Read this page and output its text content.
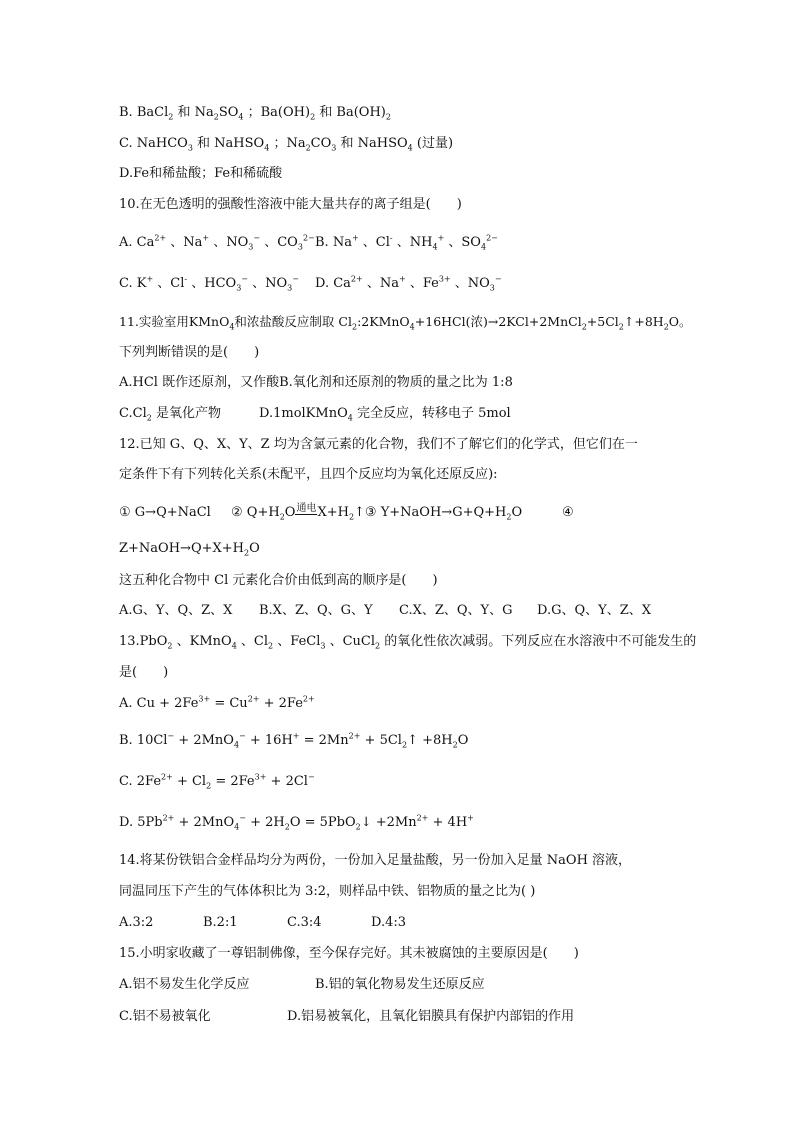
B. BaCl$_2$ 和 $Na_2SO_4$ ；$Ba(OH)_2$ 和 $Ba(OH)_2$
C. NaHCO$_3$ 和 NaHSO$_4$ ；$Na_2CO_3$ 和 NaHSO$_4$ (过量)
D.Fe和稀盐酸；Fe和稀硫酸
10.在无色透明的强酸性溶液中能大量共存的离子组是(　　)
A. $Ca^{2+}$ 、Na+ 、$NO_3^-$ 、$CO_3^{2-}B$. Na+ 、Cl- 、$NH_4^+$ 、$SO_4^{2-}$
C. K+ 、Cl- 、$HCO_3^-$ 、$NO_3^-$ D. $Ca^{2+}$ 、Na+ 、$Fe^{3+}$ 、$NO_3^-$
11.实验室用KMnO$_4$和浓盐酸反应制取 $Cl_2:2KMnO_4+16HCl$(浓)$\to 2KCl+2MnCl_2+5Cl_2↑+8H_2O$。
下列判断错误的是(　　)
A.HCl 既作还原剂，又作酸B.氧化剂和还原剂的物质的量之比为 1:8
$C.Cl_2$ 是氧化产物	D.1molKMnO$_4$ 完全反应，转移电子 5mol
12.已知 G、Q、X、Y、Z 均为含氯元素的化合物，我们不了解它们的化学式，但它们在一
定条件下有下列转化关系(未配平，且四个反应均为氧化还原反应):
① G→Q+NaCl ② $Q+H_2O^{通电}X+H_2↑③$ $Y+NaOH\to G+Q+H_2O$	④
$Z+NaOH\to Q+X+H_2O$
这五种化合物中 Cl 元素化合价由低到高的顺序是(　　)
A.G、Y、Q、Z、X B.X、Z、Q、G、Y C.X、Z、Q、Y、G D.G、Q、Y、Z、X
13.PbO$_2$ 、KMnO$_4$ 、$Cl_2$ 、FeCl$_3$ 、CuCl$_2$ 的氧化性依次减弱。下列反应在水溶液中不可能发生的
是(　　)
A. $Cu + 2Fe^{3+} = Cu^{2+} + 2Fe^{2+}$
B. $10Cl^- + 2MnO_4^- + 16H^+ = 2Mn^{2+}$ + $5Cl_2↑ +8H_2O$
C. $2Fe^{2+} + Cl_2 = 2Fe^{3+} + 2Cl^-$
D. $5Pb^{2+} + 2MnO_4^- + 2H_2O$ = 5PbO$_2$↓ $+2Mn^{2+} + 4H^+$
14.将某份铁铝合金样品均分为两份，一份加入足量盐酸，另一份加入足量 NaOH 溶液，
同温同压下产生的气体体积比为 3:2，则样品中铁、铝物质的量之比为( )
A.3:2	B.2:1	C.3:4	D.4:3
15.小明家收藏了一尊铝制佛像，至今保存完好。其未被腐蚀的主要原因是(　　)
A.铝不易发生化学反应	B.铝的氧化物易发生还原反应
C.铝不易被氧化	D.铝易被氧化，且氧化铝膜具有保护内部铝的作用
